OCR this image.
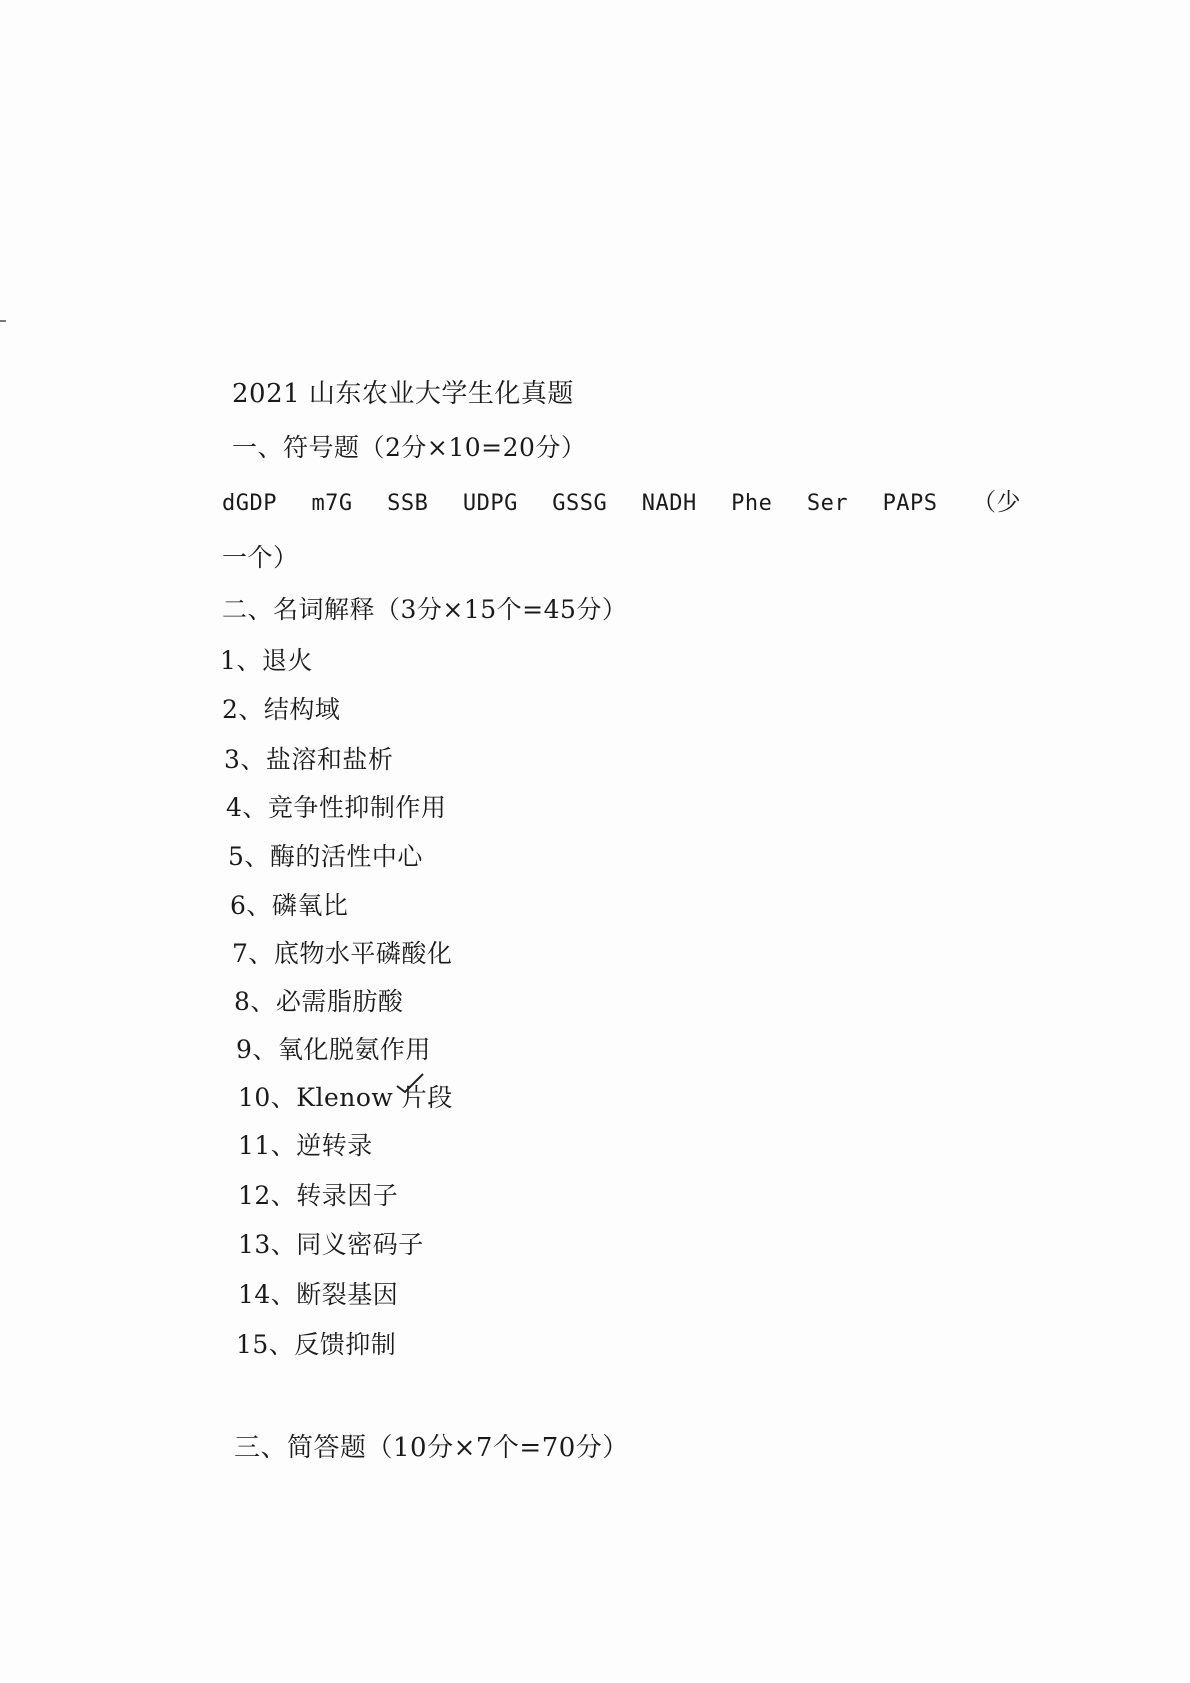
2021 山东农业大学生化真题
一、符号题（2分×10=20分）
dGDP m7G SSB UDPG GSSG NADH Phe Ser PAPS （少
一个）
二、名词解释（3分×15个=45分）
1、退火
2、结构域
3、盐溶和盐析
4、竞争性抑制作用
5、酶的活性中心
6、磷氧比
7、底物水平磷酸化
8、必需脂肪酸
9、氧化脱氨作用
10、Klenow 片段
11、逆转录
12、转录因子
13、同义密码子
14、断裂基因
15、反馈抑制
三、简答题（10分×7个=70分）
